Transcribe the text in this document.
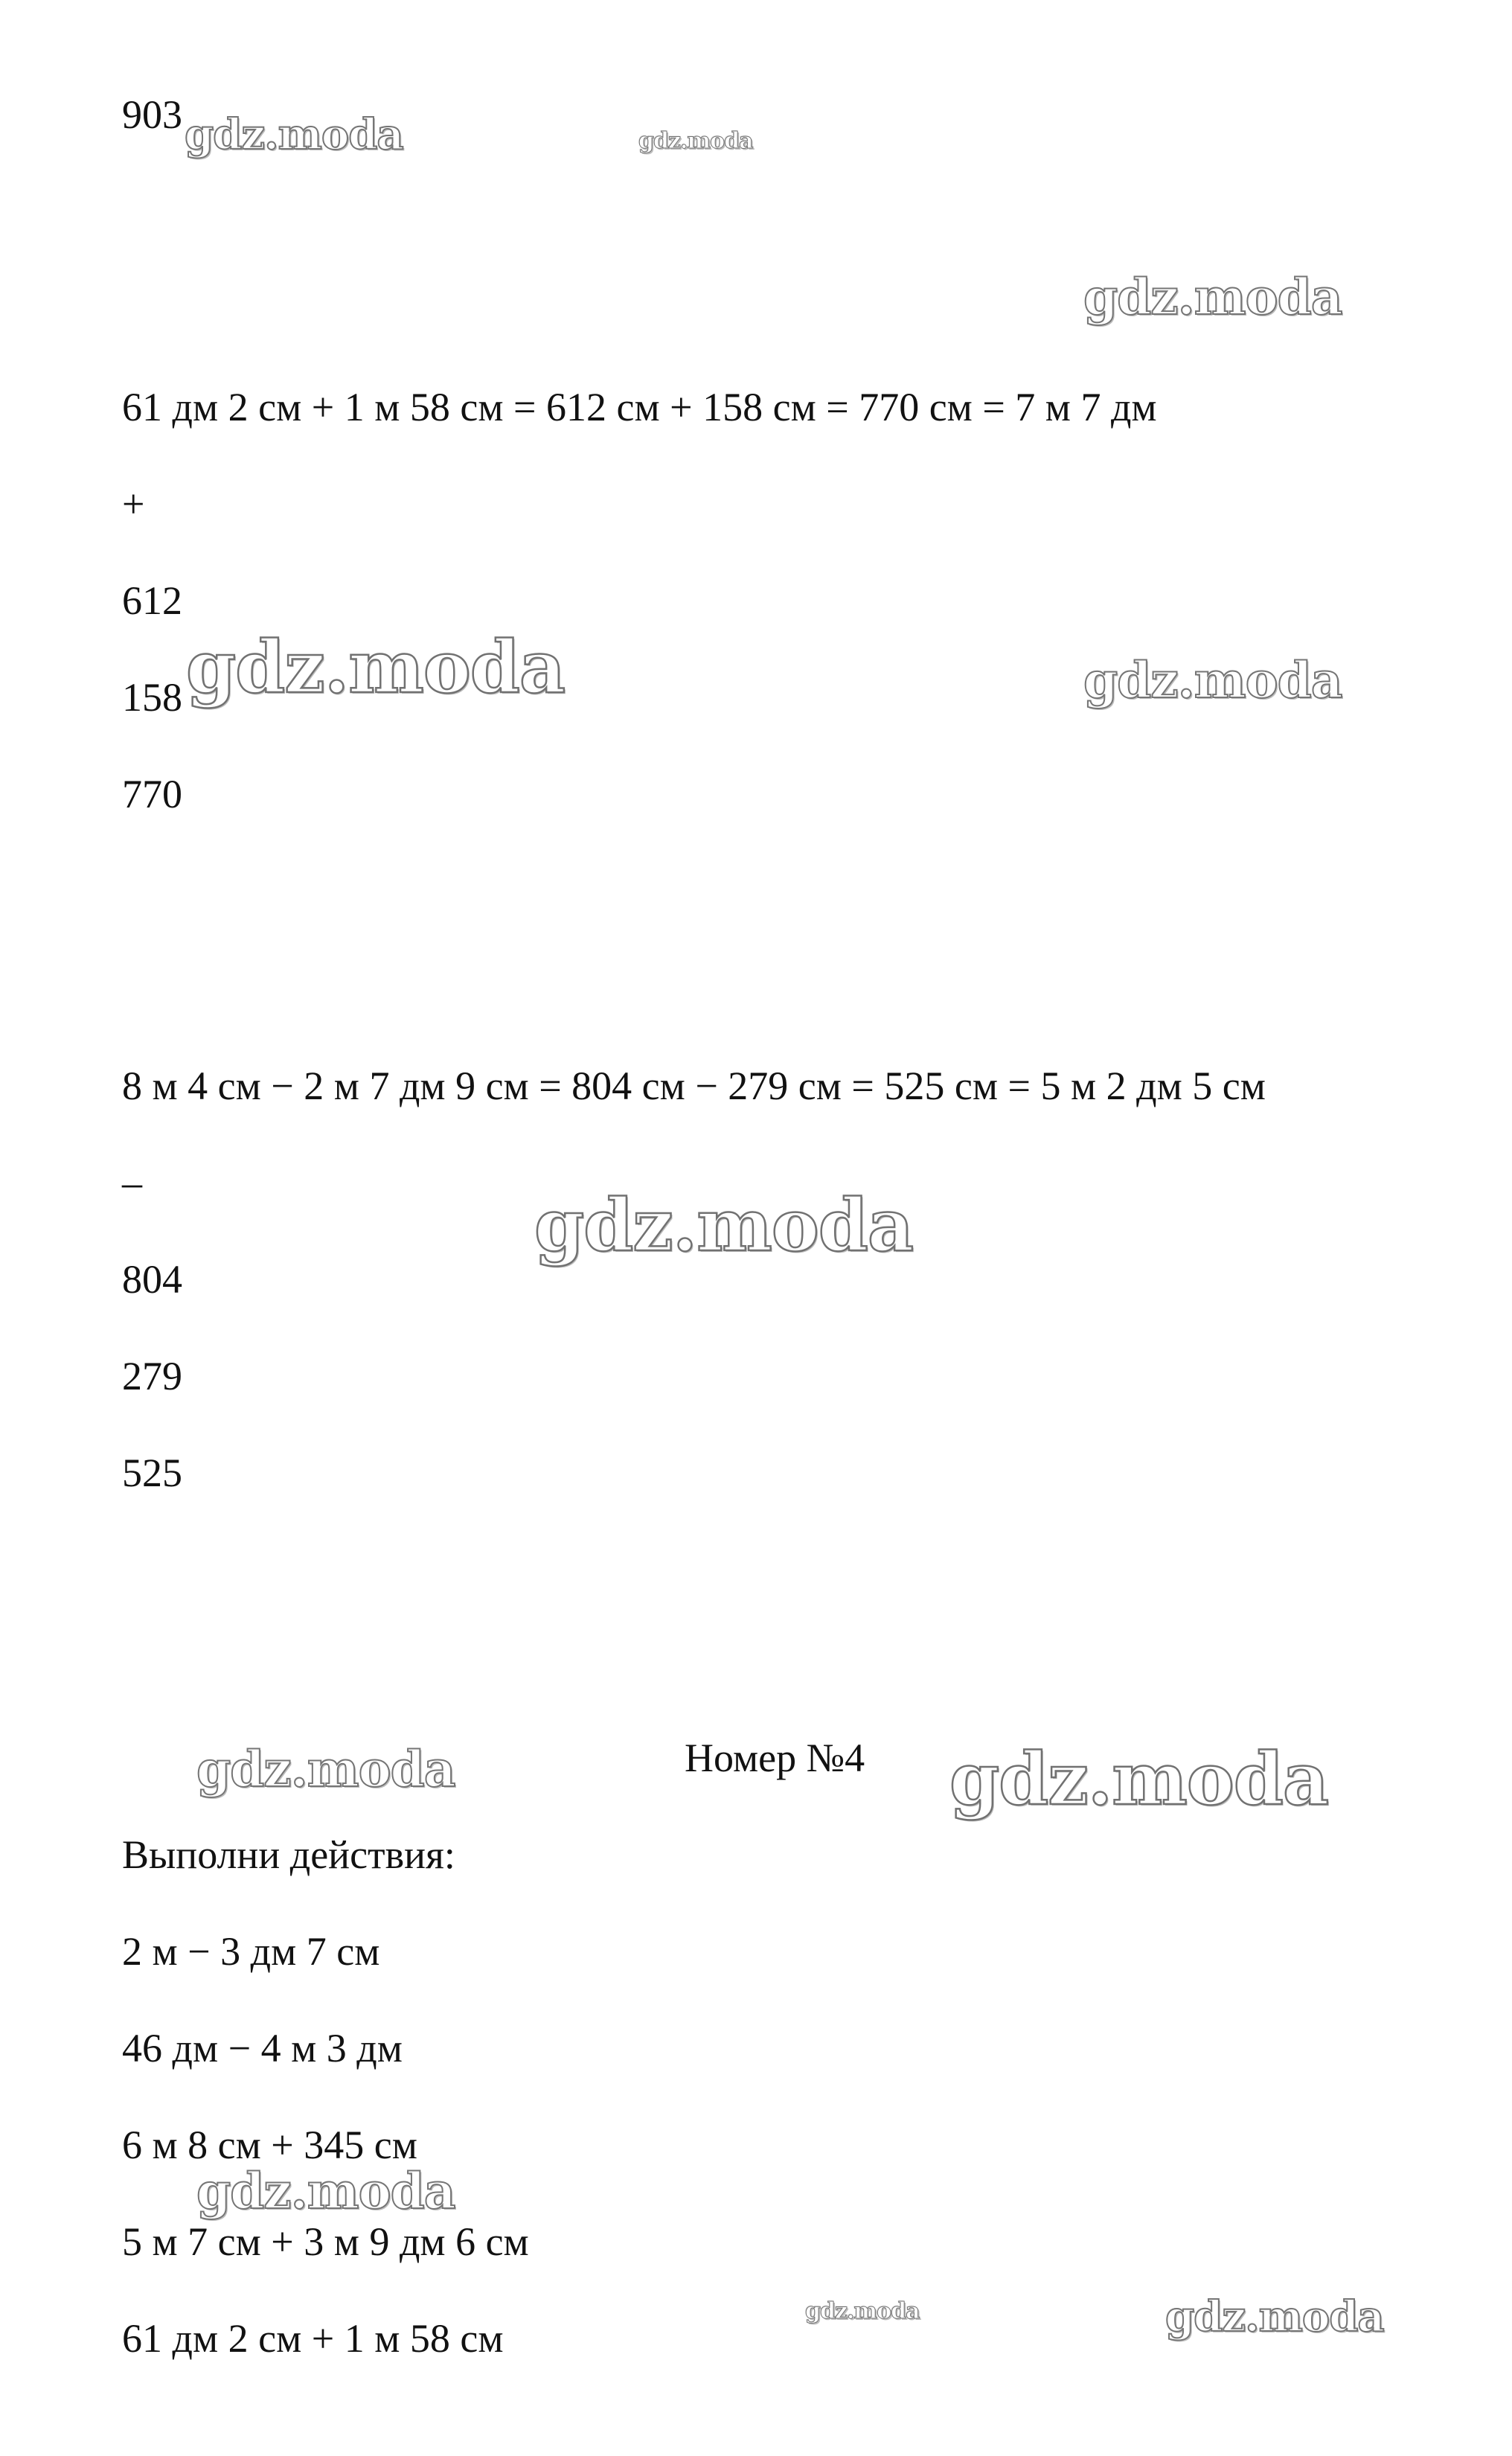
903
61 дм 2 см + 1 м 58 см = 612 см + 158 см = 770 см = 7 м 7 дм
+
612
158
770
8 м 4 см − 2 м 7 дм 9 см = 804 см − 279 см = 525 см = 5 м 2 дм 5 см
–
804
279
525
Номер №4
Выполни действия:
2 м − 3 дм 7 см
46 дм − 4 м 3 дм
6 м 8 см + 345 см
5 м 7 см + 3 м 9 дм 6 см
61 дм 2 см + 1 м 58 см
gdz.moda	gdz.moda
gdz.moda
gdz.moda	gdz.moda
gdz.moda
gdz.moda	gdz.moda
gdz.moda
gdz.moda	gdz.moda
